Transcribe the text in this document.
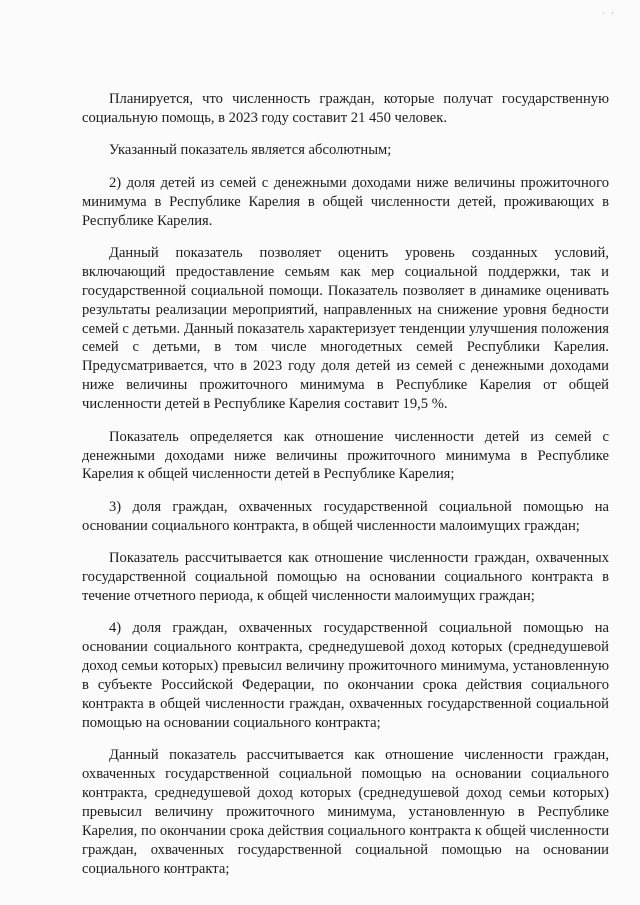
· ·

Планируется, что численность граждан, которые получат государственную социальную помощь, в 2023 году составит 21 450 человек.

Указанный показатель является абсолютным;

2) доля детей из семей с денежными доходами ниже величины прожиточного минимума в Республике Карелия в общей численности детей, проживающих в Республике Карелия.

Данный показатель позволяет оценить уровень созданных условий, включающий предоставление семьям как мер социальной поддержки, так и государственной социальной помощи. Показатель позволяет в динамике оценивать результаты реализации мероприятий, направленных на снижение уровня бедности семей с детьми. Данный показатель характеризует тенденции улучшения положения семей с детьми, в том числе многодетных семей Республики Карелия. Предусматривается, что в 2023 году доля детей из семей с денежными доходами ниже величины прожиточного минимума в Республике Карелия от общей численности детей в Республике Карелия составит 19,5 %.

Показатель определяется как отношение численности детей из семей с денежными доходами ниже величины прожиточного минимума в Республике Карелия к общей численности детей в Республике Карелия;

3) доля граждан, охваченных государственной социальной помощью на основании социального контракта, в общей численности малоимущих граждан;

Показатель рассчитывается как отношение численности граждан, охваченных государственной социальной помощью на основании социального контракта в течение отчетного периода, к общей численности малоимущих граждан;

4) доля граждан, охваченных государственной социальной помощью на основании социального контракта, среднедушевой доход которых (среднедушевой доход семьи которых) превысил величину прожиточного минимума, установленную в субъекте Российской Федерации, по окончании срока действия социального контракта в общей численности граждан, охваченных государственной социальной помощью на основании социального контракта;

Данный показатель рассчитывается как отношение численности граждан, охваченных государственной социальной помощью на основании социального контракта, среднедушевой доход которых (среднедушевой доход семьи которых) превысил величину прожиточного минимума, установленную в Республике Карелия, по окончании срока действия социального контракта к общей численности граждан, охваченных государственной социальной помощью на основании социального контракта;
